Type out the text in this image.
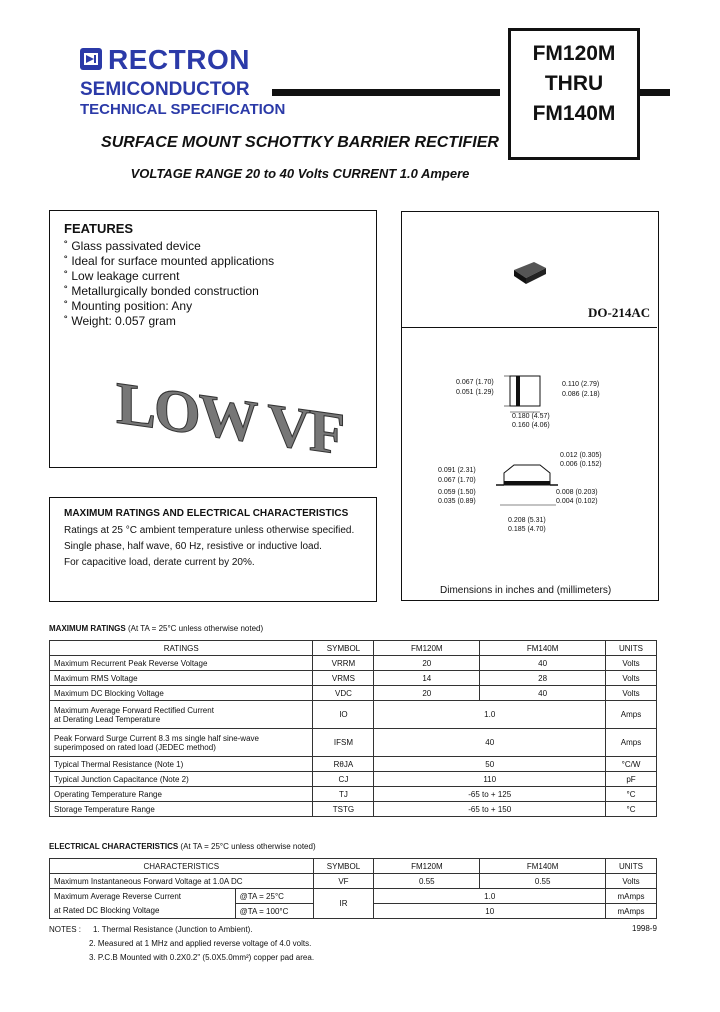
RECTRON
SEMICONDUCTOR
TECHNICAL SPECIFICATION
FM120M
THRU
FM140M
SURFACE MOUNT SCHOTTKY BARRIER RECTIFIER
VOLTAGE RANGE 20 to 40 Volts CURRENT 1.0 Ampere
FEATURES
˚ Glass passivated device
˚ Ideal for surface mounted applications
˚ Low leakage current
˚ Metallurgically bonded construction
˚ Mounting position: Any
˚ Weight: 0.057 gram
LOW VF
DO-214AC
0.067 (1.70)
0.051 (1.29)
0.110 (2.79)
0.086 (2.18)
0.180 (4.57)
0.160 (4.06)
0.012 (0.305)
0.006 (0.152)
0.091 (2.31)
0.067 (1.70)
0.059 (1.50)
0.035 (0.89)
0.008 (0.203)
0.004 (0.102)
0.208 (5.31)
0.185 (4.70)
Dimensions in inches and (millimeters)
MAXIMUM RATINGS AND ELECTRICAL CHARACTERISTICS
Ratings at 25 °C ambient temperature unless otherwise specified.
Single phase, half wave, 60 Hz, resistive or inductive load.
For capacitive load, derate current by 20%.
MAXIMUM RATINGS (At TA = 25°C unless otherwise noted)
RATINGS	SYMBOL	FM120M	FM140M	UNITS
Maximum Recurrent Peak Reverse Voltage	VRRM	20	40	Volts
Maximum RMS Voltage	VRMS	14	28	Volts
Maximum DC Blocking Voltage	VDC	20	40	Volts

Maximum Average Forward Rectified Current
at Derating Lead Temperature	IO	1.0		Amps

Peak Forward Surge Current 8.3 ms single half sine-wave
superimposed on rated load (JEDEC method)	IFSM	40		Amps
Typical Thermal Resistance (Note 1)	RθJA	50		°C/W
Typical Junction Capacitance (Note 2)	CJ	110		pF
Operating Temperature Range	TJ	-65 to + 125		°C
Storage Temperature Range	TSTG	-65 to + 150		°C
ELECTRICAL CHARACTERISTICS (At TA = 25°C unless otherwise noted)
CHARACTERISTICS		SYMBOL	FM120M	FM140M	UNITS
Maximum Instantaneous Forward Voltage at 1.0A DC		VF	0.55	0.55	Volts
Maximum Average Reverse Current	@TA = 25°C	IR	1.0		mAmps
at Rated DC Blocking Voltage	@TA = 100°C		10		mAmps
NOTES : 1. Thermal Resistance (Junction to Ambient).
2. Measured at 1 MHz and applied reverse voltage of 4.0 volts.
3. P.C.B Mounted with 0.2X0.2" (5.0X5.0mm²) copper pad area.
1998-9
